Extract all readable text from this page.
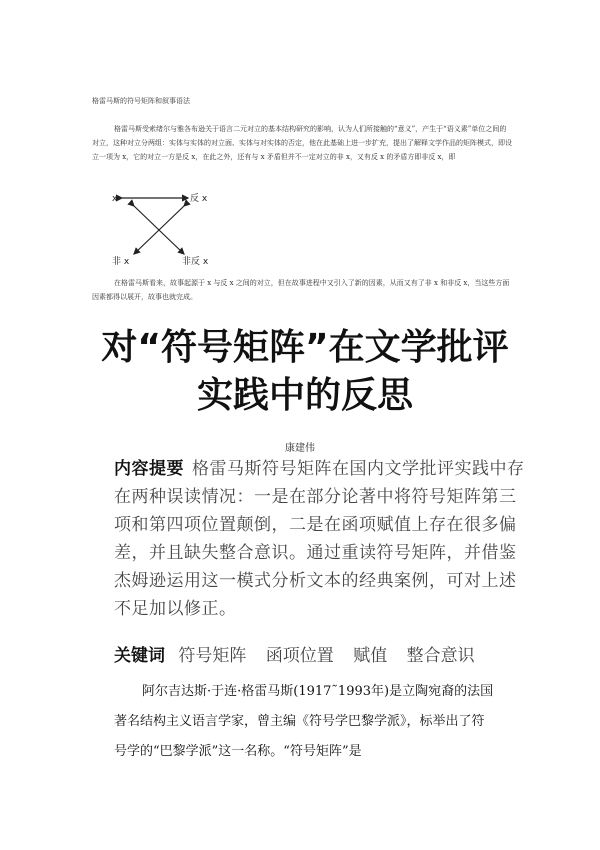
格雷马斯的符号矩阵和叙事语法

格雷马斯受索绪尔与雅各布逊关于语言二元对立的基本结构研究的影响，认为人们所接触的“意义”，产生于“语义素”单位之间的对立，这种对立分两组：实体与实体的对立面、实体与对实体的否定，他在此基础上进一步扩充，提出了解释文学作品的矩阵模式，即设立一项为 x，它的对立一方是反 x，在此之外，还有与 x 矛盾但并不一定对立的非 x，又有反 x 的矛盾方即非反 x，即

x	反 x
非 x	非反 x

在格雷马斯看来，故事起源于 x 与反 x 之间的对立，但在故事进程中又引入了新的因素，从而又有了非 x 和非反 x，当这些方面因素都得以展开，故事也就完成。

对“符号矩阵”在文学批评实践中的反思
康建伟

内容提要 格雷马斯符号矩阵在国内文学批评实践中存在两种误读情况：一是在部分论著中将符号矩阵第三项和第四项位置颠倒，二是在函项赋值上存在很多偏差，并且缺失整合意识。通过重读符号矩阵，并借鉴杰姆逊运用这一模式分析文本的经典案例，可对上述不足加以修正。

关键词 符号矩阵 函项位置 赋值 整合意识

阿尔吉达斯·于连·格雷马斯(1917˜1993年)是立陶宛裔的法国著名结构主义语言学家，曾主编《符号学巴黎学派》，标举出了符号学的“巴黎学派”这一名称。“符号矩阵”是
